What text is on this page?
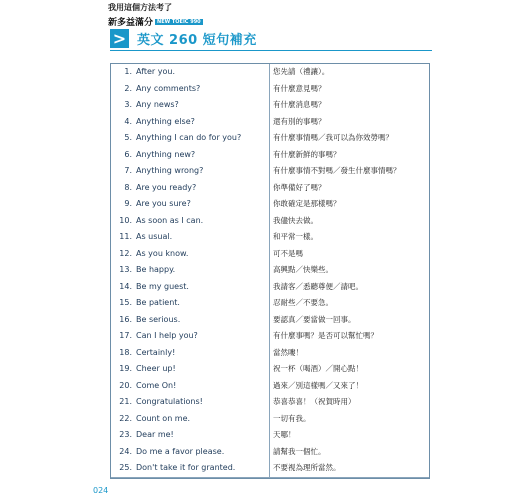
我用這個方法考了
新多益滿分 NEW TOEIC 990
> 英文 260 短句補充
1. After you.	您先請（禮讓）。
2. Any comments?	有什麼意見嗎？
3. Any news?	有什麼消息嗎？
4. Anything else?	還有別的事嗎？
5. Anything I can do for you?	有什麼事情嗎／我可以為你效勞嗎？
6. Anything new?	有什麼新鮮的事嗎？
7. Anything wrong?	有什麼事情不對嗎／發生什麼事情嗎？
8. Are you ready?	你準備好了嗎？
9. Are you sure?	你敢確定是那樣嗎？
10. As soon as I can.	我儘快去做。
11. As usual.	和平常一樣。
12. As you know.	可不是嗎
13. Be happy.	高興點／快樂些。
14. Be my guest.	我請客／悉聽尊便／請吧。
15. Be patient.	忍耐些／不要急。
16. Be serious.	要認真／要當做一回事。
17. Can I help you?	有什麼事嗎？是否可以幫忙嗎？
18. Certainly!	當然嘍！
19. Cheer up!	祝一杯（喝酒）／開心點！
20. Come On!	過來／別這樣嗎／又來了！
21. Congratulations!	恭喜恭喜！（祝賀時用）
22. Count on me.	一切有我。
23. Dear me!	天哪！
24. Do me a favor please.	請幫我一個忙。
25. Don't take it for granted.	不要視為理所當然。
024
